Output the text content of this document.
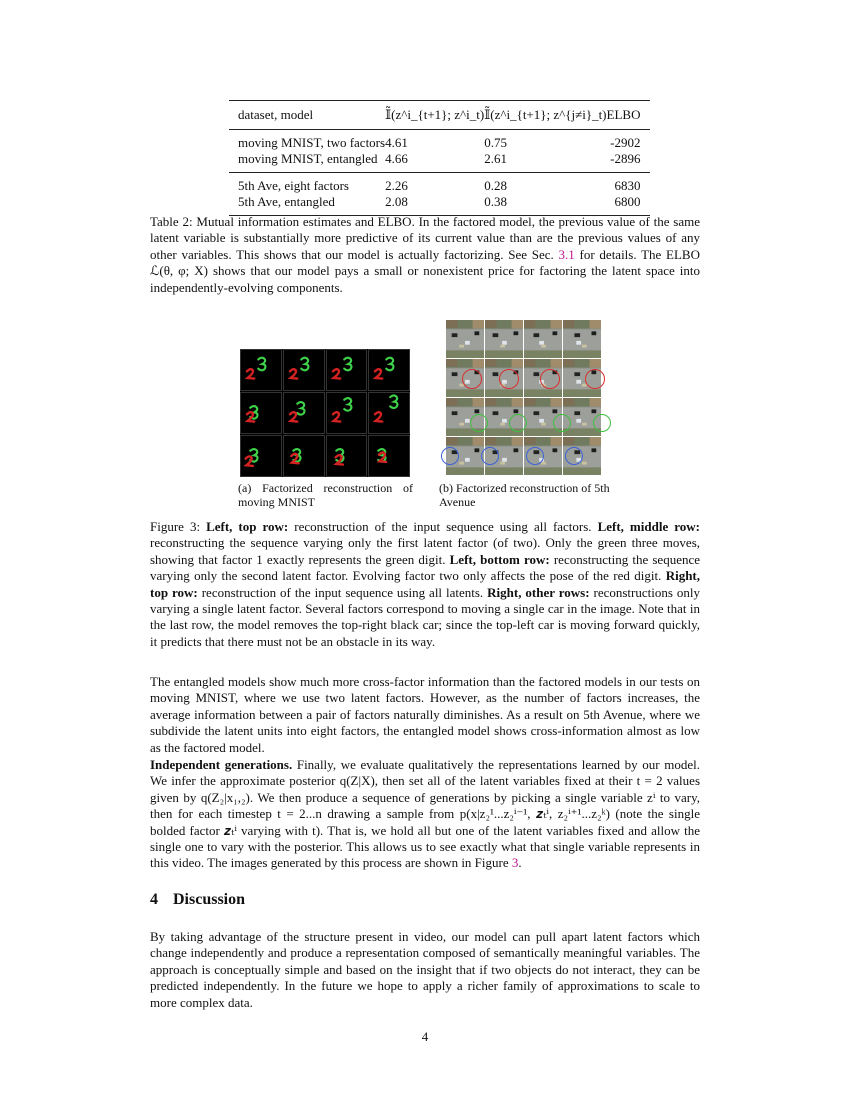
dataset, model	𝕀̃(z^i_{t+1}; z^i_t)	𝕀̃(z^i_{t+1}; z^{j≠i}_t)	ELBO
moving MNIST, two factors	4.61	0.75	-2902
moving MNIST, entangled	4.66	2.61	-2896
5th Ave, eight factors	2.26	0.28	6830
5th Ave, entangled	2.08	0.38	6800
Table 2: Mutual information estimates and ELBO. In the factored model, the previous value of the same latent variable is substantially more predictive of its current value than are the previous values of any other variables. This shows that our model is actually factorizing. See Sec. 3.1 for details. The ELBO ℒ(θ, φ; X) shows that our model pays a small or nonexistent price for factoring the latent space into independently-evolving components.
(a) Factorized reconstruction of moving MNIST
(b) Factorized reconstruction of 5th Avenue
Figure 3: Left, top row: reconstruction of the input sequence using all factors. Left, middle row: reconstructing the sequence varying only the first latent factor (of two). Only the green three moves, showing that factor 1 exactly represents the green digit. Left, bottom row: reconstructing the sequence varying only the second latent factor. Evolving factor two only affects the pose of the red digit. Right, top row: reconstruction of the input sequence using all latents. Right, other rows: reconstructions only varying a single latent factor. Several factors correspond to moving a single car in the image. Note that in the last row, the model removes the top-right black car; since the top-left car is moving forward quickly, it predicts that there must not be an obstacle in its way.
The entangled models show much more cross-factor information than the factored models in our tests on moving MNIST, where we use two latent factors. However, as the number of factors increases, the average information between a pair of factors naturally diminishes. As a result on 5th Avenue, where we subdivide the latent units into eight factors, the entangled model shows cross-information almost as low as the factored model.
Independent generations. Finally, we evaluate qualitatively the representations learned by our model. We infer the approximate posterior q(Z|X), then set all of the latent variables fixed at their t = 2 values given by q(Z₂|x₁,₂). We then produce a sequence of generations by picking a single variable zⁱ to vary, then for each timestep t = 2...n drawing a sample from p(x|z₂¹...z₂ⁱ⁻¹, 𝒛ₜⁱ, z₂ⁱ⁺¹...z₂ᵏ) (note the single bolded factor 𝒛ₜⁱ varying with t). That is, we hold all but one of the latent variables fixed and allow the single one to vary with the posterior. This allows us to see exactly what that single variable represents in this video. The images generated by this process are shown in Figure 3.
4 Discussion
By taking advantage of the structure present in video, our model can pull apart latent factors which change independently and produce a representation composed of semantically meaningful variables. The approach is conceptually simple and based on the insight that if two objects do not interact, they can be predicted independently. In the future we hope to apply a richer family of approximations to scale to more complex data.
4
